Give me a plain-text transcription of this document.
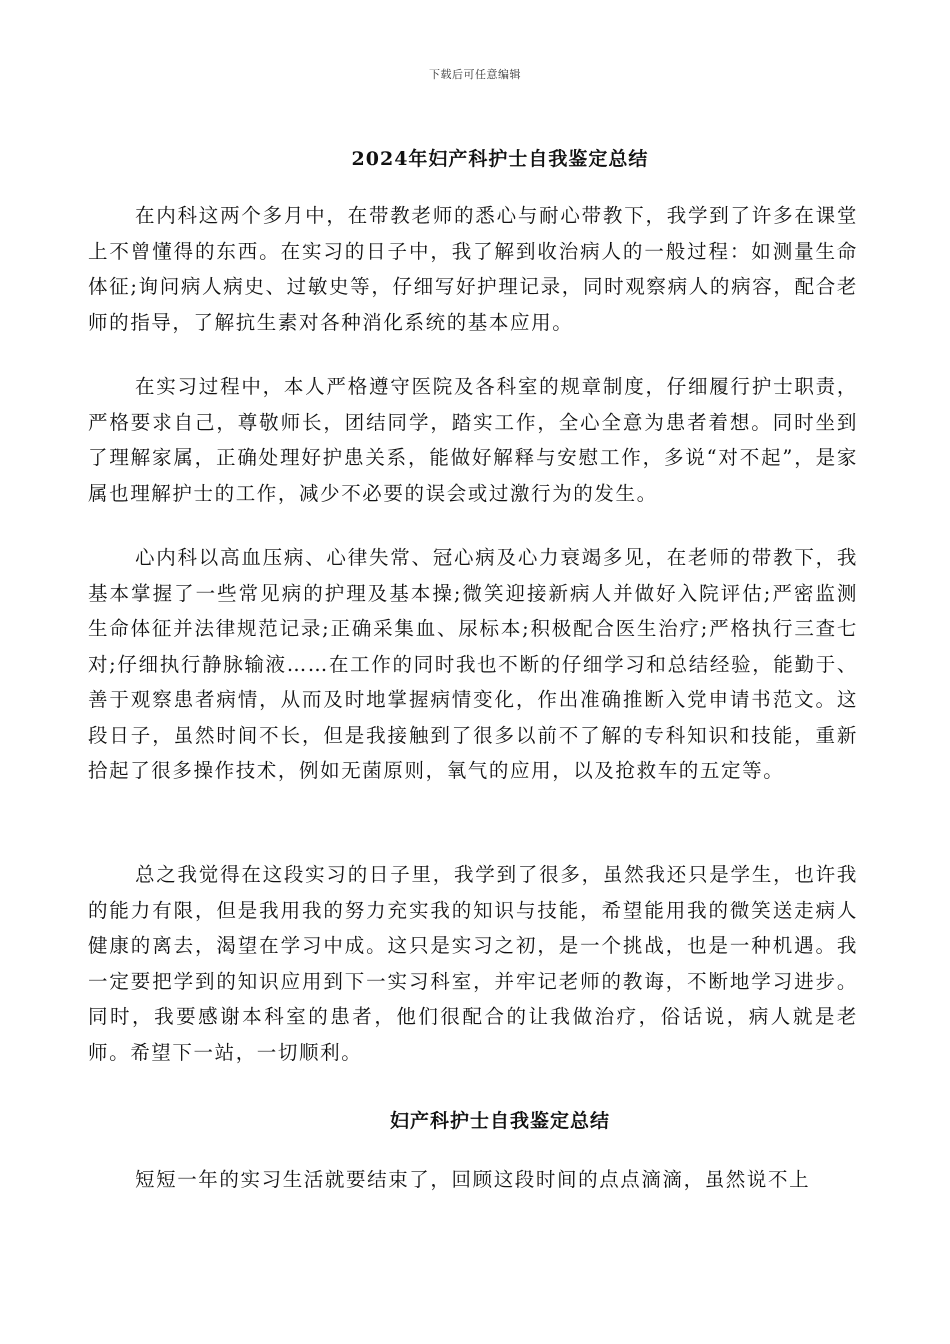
下载后可任意编辑
2024年妇产科护士自我鉴定总结

在内科这两个多月中，在带教老师的悉心与耐心带教下，我学到了许多在课堂上不曾懂得的东西。在实习的日子中，我了解到收治病人的一般过程：如测量生命体征;询问病人病史、过敏史等，仔细写好护理记录，同时观察病人的病容，配合老师的指导，了解抗生素对各种消化系统的基本应用。

在实习过程中，本人严格遵守医院及各科室的规章制度，仔细履行护士职责，严格要求自己，尊敬师长，团结同学，踏实工作，全心全意为患者着想。同时坐到了理解家属，正确处理好护患关系，能做好解释与安慰工作，多说“对不起”，是家属也理解护士的工作，减少不必要的误会或过激行为的发生。

心内科以高血压病、心律失常、冠心病及心力衰竭多见，在老师的带教下，我基本掌握了一些常见病的护理及基本操;微笑迎接新病人并做好入院评估;严密监测生命体征并法律规范记录;正确采集血、尿标本;积极配合医生治疗;严格执行三查七对;仔细执行静脉输液……在工作的同时我也不断的仔细学习和总结经验，能勤于、善于观察患者病情，从而及时地掌握病情变化，作出准确推断入党申请书范文。这段日子，虽然时间不长，但是我接触到了很多以前不了解的专科知识和技能，重新拾起了很多操作技术，例如无菌原则，氧气的应用，以及抢救车的五定等。

总之我觉得在这段实习的日子里，我学到了很多，虽然我还只是学生，也许我的能力有限，但是我用我的努力充实我的知识与技能，希望能用我的微笑送走病人健康的离去，渴望在学习中成。这只是实习之初，是一个挑战，也是一种机遇。我一定要把学到的知识应用到下一实习科室，并牢记老师的教诲，不断地学习进步。同时，我要感谢本科室的患者，他们很配合的让我做治疗，俗话说，病人就是老师。希望下一站，一切顺利。

妇产科护士自我鉴定总结

短短一年的实习生活就要结束了，回顾这段时间的点点滴滴，虽然说不上
